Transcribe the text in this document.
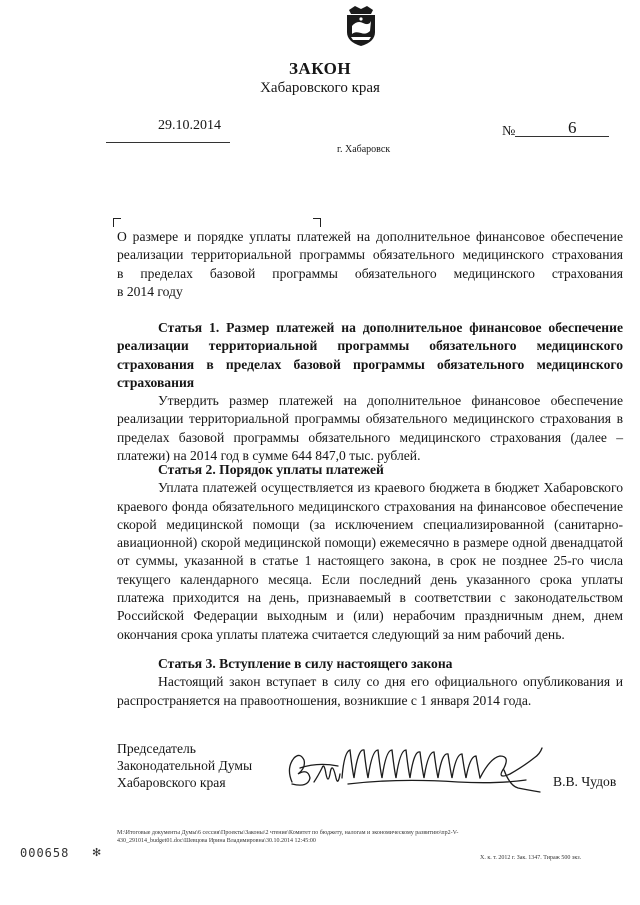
ЗАКОН
Хабаровского края
29.10.2014	№	6
г. Хабаровск
О размере и порядке уплаты платежей на дополнительное финансовое обеспечение
реализации территориальной программы обязательного медицинского страхования
в пределах базовой программы обязательного медицинского страхования
в 2014 году
Статья 1. Размер платежей на дополнительное финансовое обеспечение реализации территориальной программы обязательного медицинского страхования в пределах базовой программы обязательного медицинского страхования
Утвердить размер платежей на дополнительное финансовое обеспечение реализации территориальной программы обязательного медицинского страхования в пределах базовой программы обязательного медицинского страхования (далее – платежи) на 2014 год в сумме 644 847,0 тыс. рублей.
Статья 2. Порядок уплаты платежей
Уплата платежей осуществляется из краевого бюджета в бюджет Хабаровского краевого фонда обязательного медицинского страхования на финансовое обеспечение скорой медицинской помощи (за исключением специализированной (санитарно-авиационной) скорой медицинской помощи) ежемесячно в размере одной двенадцатой от суммы, указанной в статье 1 настоящего закона, в срок не позднее 25-го числа текущего календарного месяца. Если последний день указанного срока уплаты платежа приходится на день, признаваемый в соответствии с законодательством Российской Федерации выходным и (или) нерабочим праздничным днем, днем окончания срока уплаты платежа считается следующий за ним рабочий день.
Статья 3. Вступление в силу настоящего закона
Настоящий закон вступает в силу со дня его официального опубликования и распространяется на правоотношения, возникшие с 1 января 2014 года.
Председатель
Законодательной Думы
Хабаровского края	В.В. Чудов
М:\Итоговые документы Думы\6 сессия\Проекты\Законы\2 чтение\Комитет по бюджету, налогам и экономическому развитию\пр2-V-
430_291014_budget01.doc\Шевцова Ирина Владимировна\30.10.2014 12:45:00
000658 ✻	Х. к. т. 2012 г. Зак. 1347. Тираж 500 экз.
